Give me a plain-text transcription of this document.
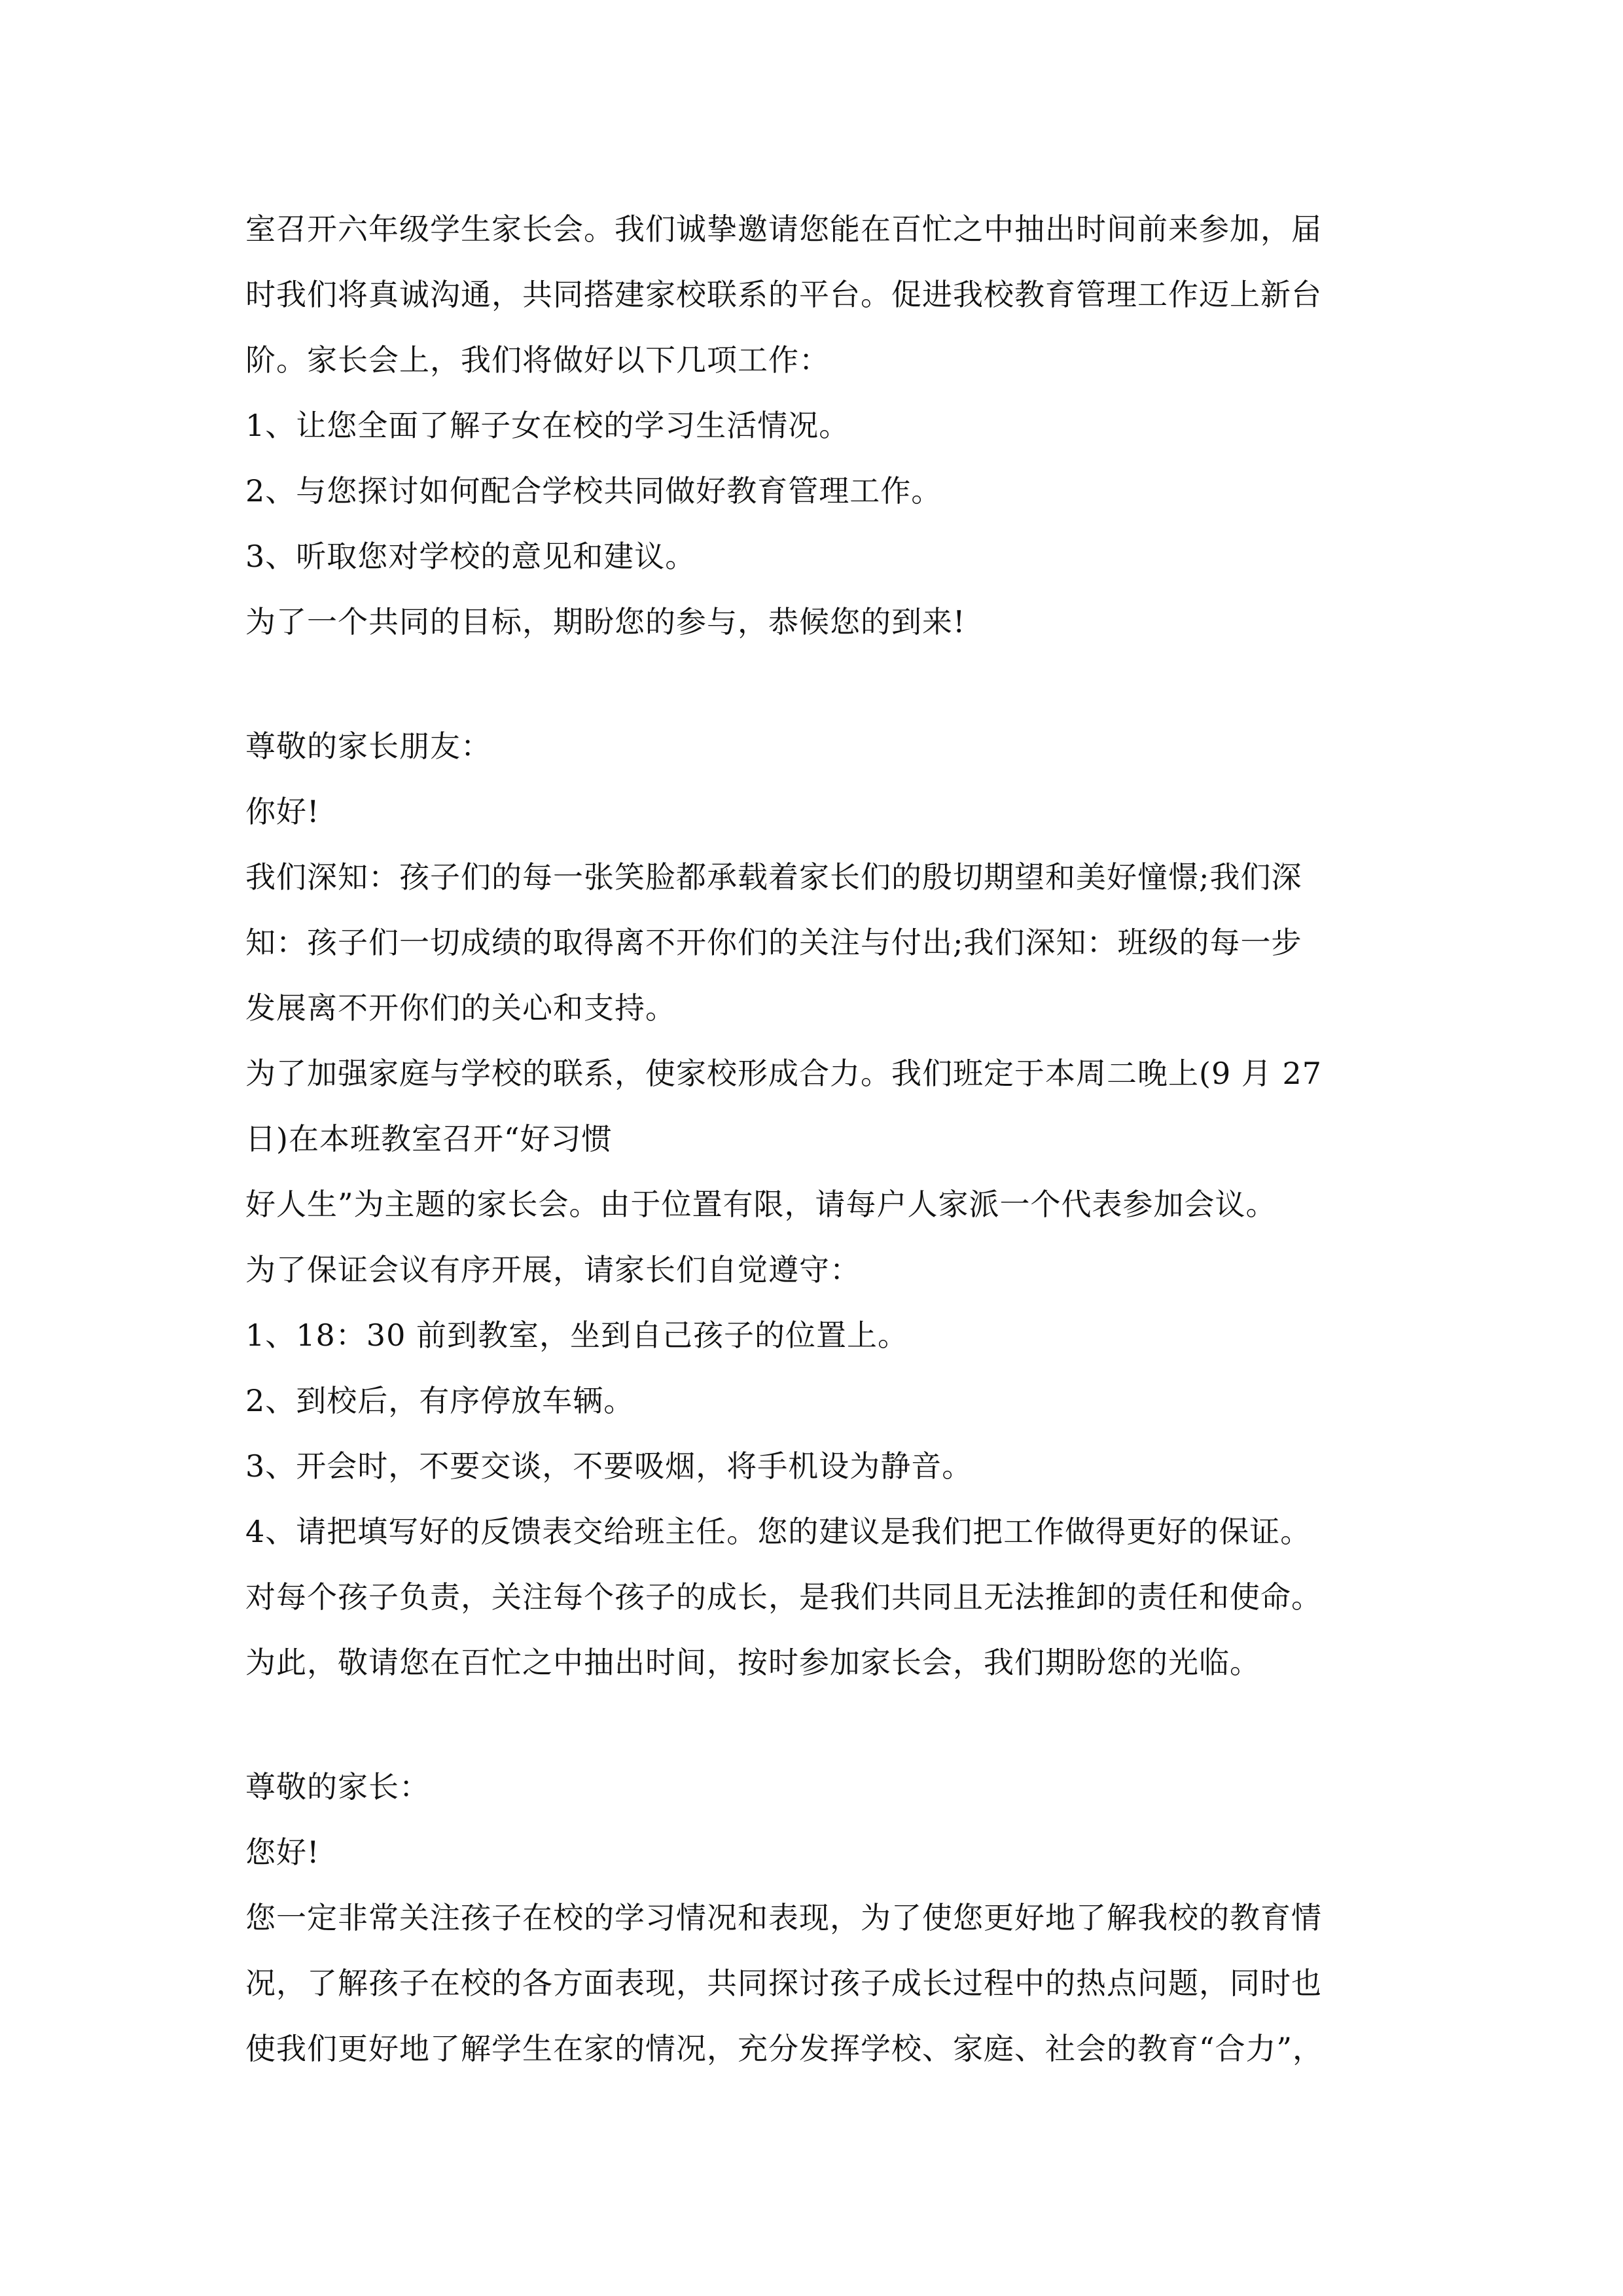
室召开六年级学生家长会。我们诚挚邀请您能在百忙之中抽出时间前来参加，届
时我们将真诚沟通，共同搭建家校联系的平台。促进我校教育管理工作迈上新台
阶。家长会上，我们将做好以下几项工作：
1、让您全面了解子女在校的学习生活情况。
2、与您探讨如何配合学校共同做好教育管理工作。
3、听取您对学校的意见和建议。
为了一个共同的目标，期盼您的参与，恭候您的到来!
尊敬的家长朋友：
你好!
我们深知：孩子们的每一张笑脸都承载着家长们的殷切期望和美好憧憬;我们深
知：孩子们一切成绩的取得离不开你们的关注与付出;我们深知：班级的每一步
发展离不开你们的关心和支持。
为了加强家庭与学校的联系，使家校形成合力。我们班定于本周二晚上(9 月 27
日)在本班教室召开“好习惯
好人生”为主题的家长会。由于位置有限，请每户人家派一个代表参加会议。
为了保证会议有序开展，请家长们自觉遵守：
1、18：30 前到教室，坐到自己孩子的位置上。
2、到校后，有序停放车辆。
3、开会时，不要交谈，不要吸烟，将手机设为静音。
4、请把填写好的反馈表交给班主任。您的建议是我们把工作做得更好的保证。
对每个孩子负责，关注每个孩子的成长，是我们共同且无法推卸的责任和使命。
为此，敬请您在百忙之中抽出时间，按时参加家长会，我们期盼您的光临。
尊敬的家长：
您好!
您一定非常关注孩子在校的学习情况和表现，为了使您更好地了解我校的教育情
况，了解孩子在校的各方面表现，共同探讨孩子成长过程中的热点问题，同时也
使我们更好地了解学生在家的情况，充分发挥学校、家庭、社会的教育“合力”，
